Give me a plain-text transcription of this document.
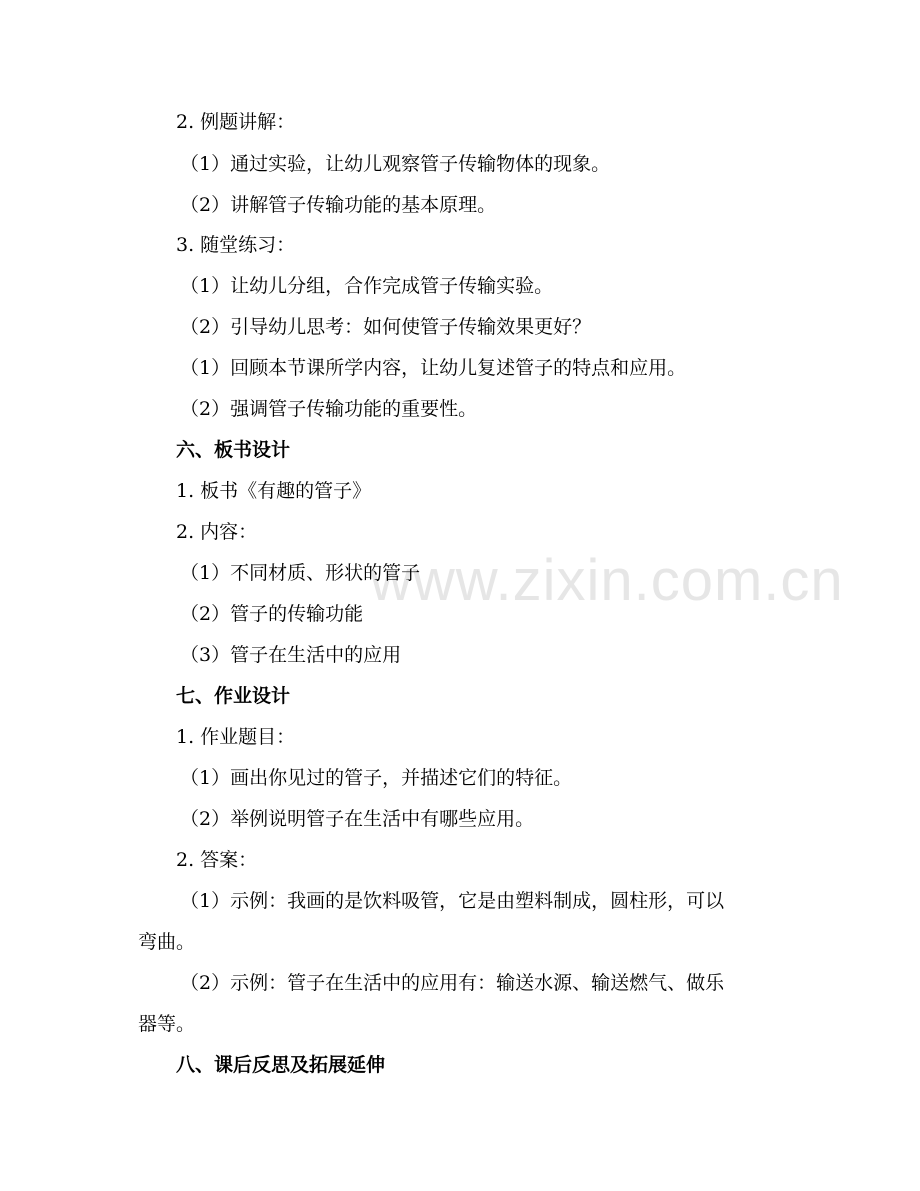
www.zixin.com.cn
2. 例题讲解：
（1）通过实验，让幼儿观察管子传输物体的现象。
（2）讲解管子传输功能的基本原理。
3. 随堂练习：
（1）让幼儿分组，合作完成管子传输实验。
（2）引导幼儿思考：如何使管子传输效果更好？
（1）回顾本节课所学内容，让幼儿复述管子的特点和应用。
（2）强调管子传输功能的重要性。
六、板书设计
1. 板书《有趣的管子》
2. 内容：
（1）不同材质、形状的管子
（2）管子的传输功能
（3）管子在生活中的应用
七、作业设计
1. 作业题目：
（1）画出你见过的管子，并描述它们的特征。
（2）举例说明管子在生活中有哪些应用。
2. 答案：
（1）示例：我画的是饮料吸管，它是由塑料制成，圆柱形，可以
弯曲。
（2）示例：管子在生活中的应用有：输送水源、输送燃气、做乐
器等。
八、课后反思及拓展延伸
